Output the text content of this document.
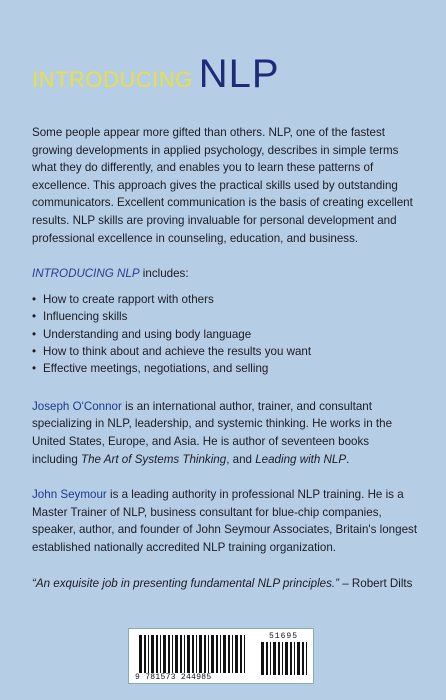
INTRODUCING NLP

Some people appear more gifted than others. NLP, one of the fastest growing developments in applied psychology, describes in simple terms what they do differently, and enables you to learn these patterns of excellence. This approach gives the practical skills used by outstanding communicators. Excellent communication is the basis of creating excellent results. NLP skills are proving invaluable for personal development and professional excellence in counseling, education, and business.

INTRODUCING NLP includes:

• How to create rapport with others
• Influencing skills
• Understanding and using body language
• How to think about and achieve the results you want
• Effective meetings, negotiations, and selling

Joseph O'Connor is an international author, trainer, and consultant specializing in NLP, leadership, and systemic thinking. He works in the United States, Europe, and Asia. He is author of seventeen books including The Art of Systems Thinking, and Leading with NLP.

John Seymour is a leading authority in professional NLP training. He is a Master Trainer of NLP, business consultant for blue-chip companies, speaker, author, and founder of John Seymour Associates, Britain's longest established nationally accredited NLP training organization.

“An exquisite job in presenting fundamental NLP principles.” – Robert Dilts

9 781573 244985
51695
